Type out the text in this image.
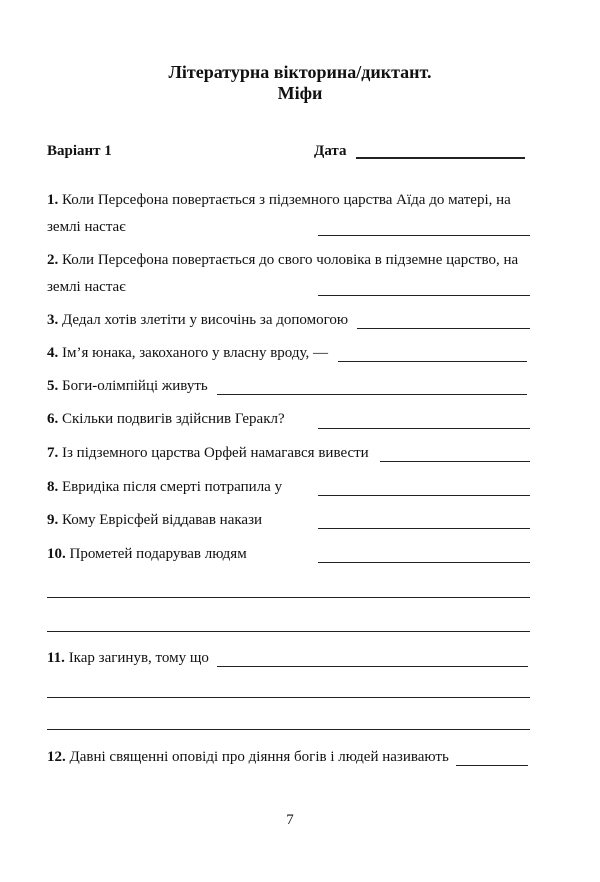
Літературна вікторина/диктант.
Міфи
Варіант 1	Дата
1. Коли Персефона повертається з підземного царства Аїда до матері, на
землі настає
2. Коли Персефона повертається до свого чоловіка в підземне царство, на
землі настає
3. Дедал хотів злетіти у височінь за допомогою
4. Ім’я юнака, закоханого у власну вроду, —
5. Боги-олімпійці живуть
6. Скільки подвигів здійснив Геракл?
7. Із підземного царства Орфей намагався вивести
8. Евридіка після смерті потрапила у
9. Кому Еврісфей віддавав накази
10. Прометей подарував людям
11. Ікар загинув, тому що
12. Давні священні оповіді про діяння богів і людей називають
7
